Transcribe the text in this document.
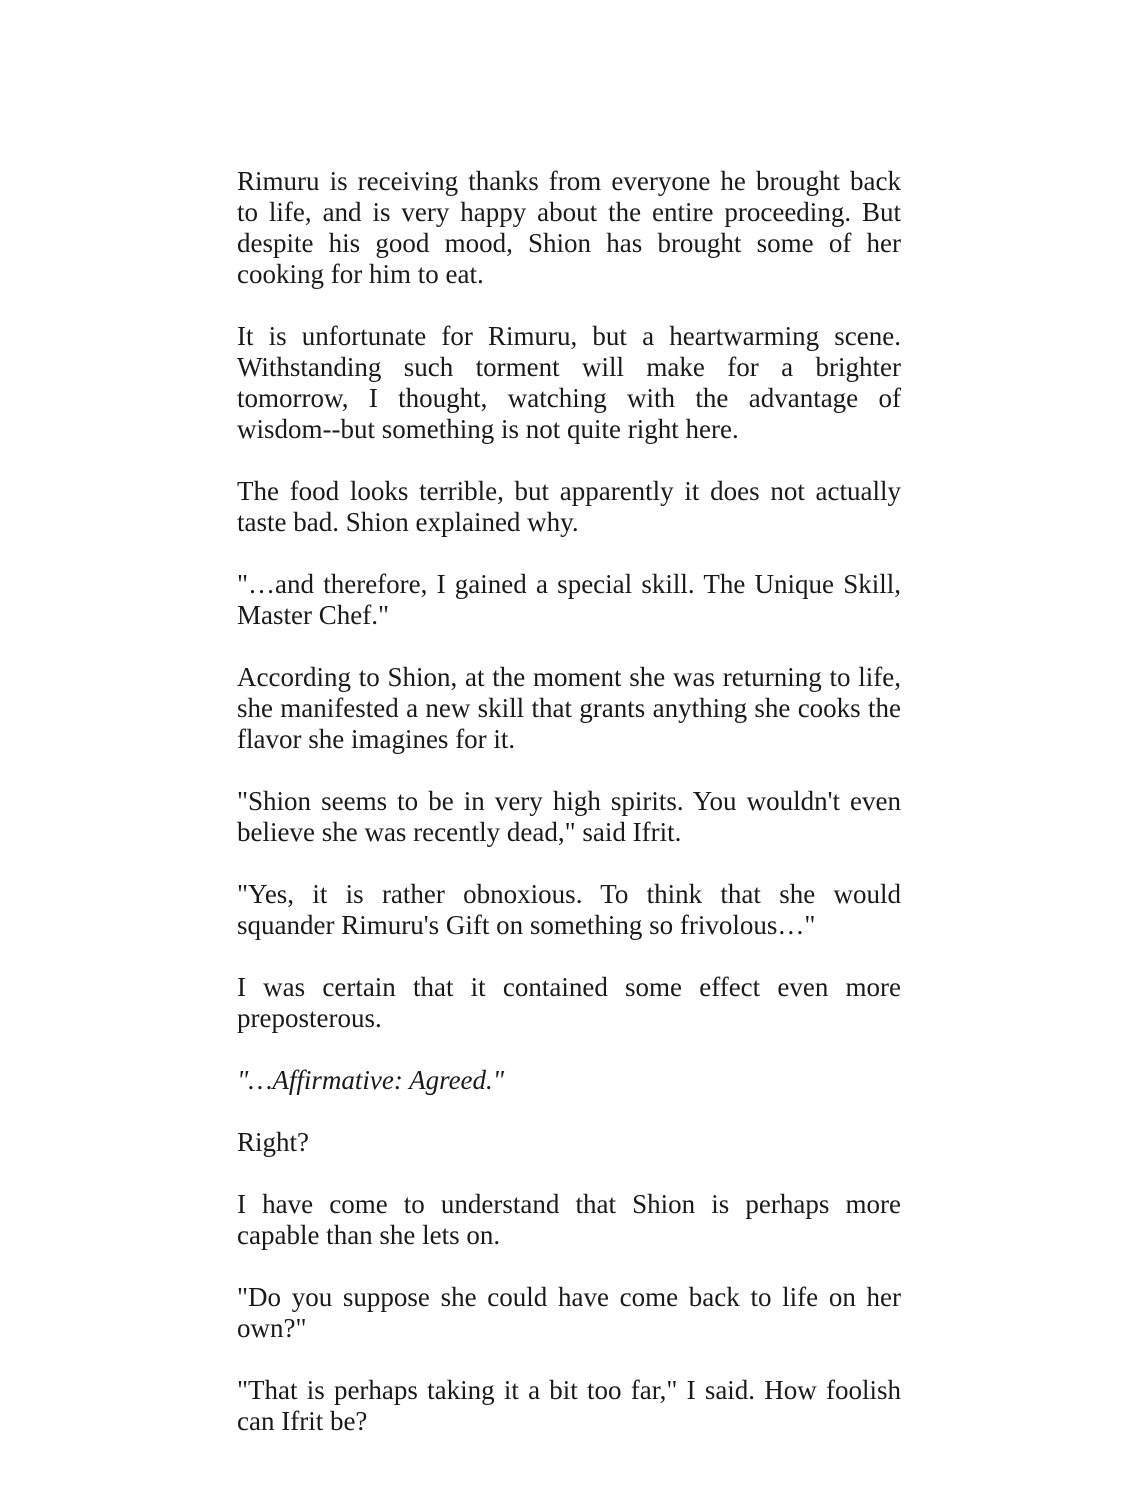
Rimuru is receiving thanks from everyone he brought back to life, and is very happy about the entire proceeding. But despite his good mood, Shion has brought some of her cooking for him to eat.

It is unfortunate for Rimuru, but a heartwarming scene. Withstanding such torment will make for a brighter tomorrow, I thought, watching with the advantage of wisdom--but something is not quite right here.

The food looks terrible, but apparently it does not actually taste bad. Shion explained why.

"…and therefore, I gained a special skill. The Unique Skill, Master Chef."

According to Shion, at the moment she was returning to life, she manifested a new skill that grants anything she cooks the flavor she imagines for it.

"Shion seems to be in very high spirits. You wouldn't even believe she was recently dead," said Ifrit.

"Yes, it is rather obnoxious. To think that she would squander Rimuru's Gift on something so frivolous…"

I was certain that it contained some effect even more preposterous.

"…Affirmative: Agreed."

Right?

I have come to understand that Shion is perhaps more capable than she lets on.

"Do you suppose she could have come back to life on her own?"

"That is perhaps taking it a bit too far," I said. How foolish can Ifrit be?
